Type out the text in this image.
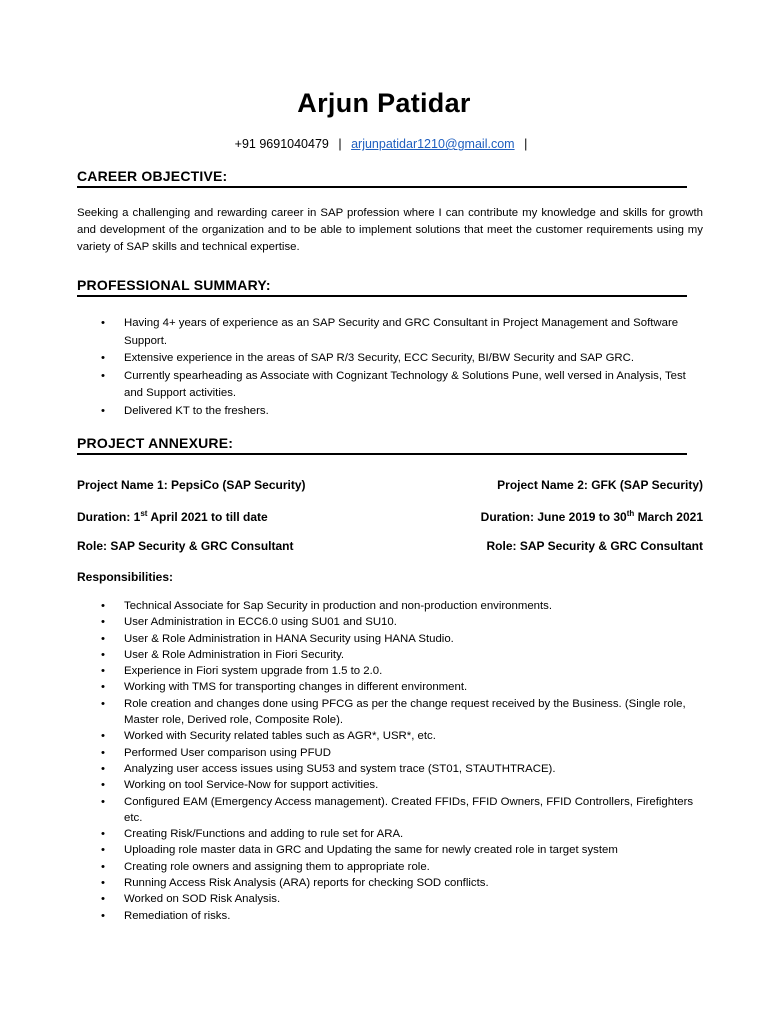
Arjun Patidar
+91 9691040479 | arjunpatidar1210@gmail.com |
CAREER OBJECTIVE:
Seeking a challenging and rewarding career in SAP profession where I can contribute my knowledge and skills for growth and development of the organization and to be able to implement solutions that meet the customer requirements using my variety of SAP skills and technical expertise.
PROFESSIONAL SUMMARY:
• Having 4+ years of experience as an SAP Security and GRC Consultant in Project Management and Software Support.
• Extensive experience in the areas of SAP R/3 Security, ECC Security, BI/BW Security and SAP GRC.
• Currently spearheading as Associate with Cognizant Technology & Solutions Pune, well versed in Analysis, Test and Support activities.
• Delivered KT to the freshers.
PROJECT ANNEXURE:
Project Name 1: PepsiCo (SAP Security)	Project Name 2: GFK (SAP Security)
Duration: 1st April 2021 to till date	Duration: June 2019 to 30th March 2021
Role: SAP Security & GRC Consultant	Role: SAP Security & GRC Consultant
Responsibilities:
• Technical Associate for Sap Security in production and non-production environments.
• User Administration in ECC6.0 using SU01 and SU10.
• User & Role Administration in HANA Security using HANA Studio.
• User & Role Administration in Fiori Security.
• Experience in Fiori system upgrade from 1.5 to 2.0.
• Working with TMS for transporting changes in different environment.
• Role creation and changes done using PFCG as per the change request received by the Business. (Single role, Master role, Derived role, Composite Role).
• Worked with Security related tables such as AGR*, USR*, etc.
• Performed User comparison using PFUD
• Analyzing user access issues using SU53 and system trace (ST01, STAUTHTRACE).
• Working on tool Service-Now for support activities.
• Configured EAM (Emergency Access management). Created FFIDs, FFID Owners, FFID Controllers, Firefighters etc.
• Creating Risk/Functions and adding to rule set for ARA.
• Uploading role master data in GRC and Updating the same for newly created role in target system
• Creating role owners and assigning them to appropriate role.
• Running Access Risk Analysis (ARA) reports for checking SOD conflicts.
• Worked on SOD Risk Analysis.
• Remediation of risks.
